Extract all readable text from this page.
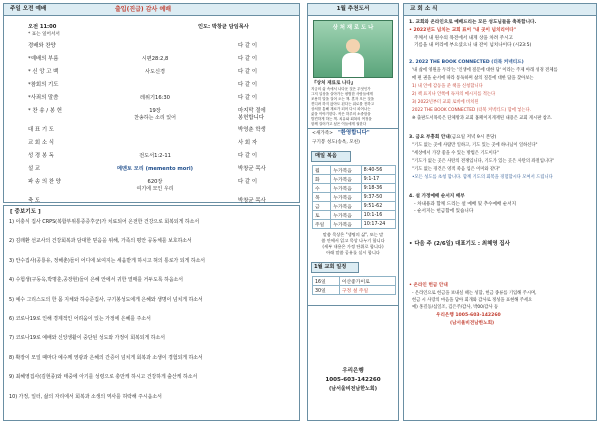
주일 오전 예배	출입(진급) 감사 예배
오전 11:00	인도: 박창균 담임목사
* 표는 일어서서
경배와 찬양	다 같 이
*예배의 부름	시편28:2,8	다 같 이
* 신 앙 고 백	사도신경	다 같 이
*참회의 기도	다 같 이
*사죄의 말씀	레위기16:30	다 같 이
* 찬 송 / 봉 헌	19장
찬송하는 소리 있어
마지막 절에
봉헌합니다
대 표 기 도	박영춘 학생
교 회 소 식	사 회 자
성 경 봉 독	전도서1:2-11	다 같 이
설 교	메멘토 모리 (memento mori)	박창균 목사
파 송 의 찬 양	620장
여기에 모인 우리
다 같 이
축 도	박창균 목사
[ 중보기도 ]
1) 이충식 집사 CRPS(복합부위통증증후군)가 치료되어 온전한 건강으로 회복되게 하소서
2) 김래환 선교사의 건강회복과 담대한 믿음을 위해, 가족의 평안 공동체를 보호하소서
3) 안수집사(공룡유, 정해춘)들이 어디에 보여지는 세움받게 하시고 혀의 통로가 되게 하소서
4) 수험생(구동옥,박명훈,공장현)들이 은혜 안에서 귀한 열매를 거두도록 하옵소서
5) 예수 그리스도의 한 몸 지체와 하승준집사, 구기봉성도에게 은혜와 생명이 넘치게 하소서
6) 코로나19로 인해 경제적인 어려움이 있는 가정에 은혜를 주소서
7) 코로나19로 예배와 신앙생활이 중단된 성도와 가정이 회복되게 하소서
8) 확장이 모일 때마다 예수께 영광과 은혜의 간증이 넘치게 회복과 소생이 경험되게 하소서
9) 최혜영집사(김현종)와 태중에 아기를 성령으로 충만케 하시고 건강하게 출산케 하소서
10) 가정, 일터, 삶의 자리에서 회복과 소생의 역사를 허락해 주시옵소서
1월 추천도서
상 처 재 로 도 나
『상처 재료로 나다』
지금의 삶 속에서 나다운 것은 무엇인가
그저 일상을 살아가는 평범한 사람들에게
조용히 말을 걸어 오는 책. 혼자 모든 것을
견디려 하지 않아도 된다는 위로를 전하고
상처를 통해 재료가 되어 다시 피어나는
삶을 이야기한다. 작은 하루의 소중함을
발견하게 하는 책. 치유와 회복의 여정을
함께 걸어가고 싶은 이들에게 권한다
<새가족> "환영합니다"
구기봉 성도(송옥, 모친)
매일 복음
월	누가복음	8:40-56
화	누가복음	9:1-17
수	누가복음	9:18-36
목	누가복음	9:37-50
금	누가복음	9:51-62
토	누가복음	10:1-16
주일	누가복음	10:17-24
말씀 묵상은 "생명의 삶", 또는 말
씀 안에서 읽고 묵상 나누기 합니다
(세부 내용은 가정 단위로 합니다)
아래 말씀 공유를 실시 합니다
1월 교회 일정
16일	이산좋가이로
30일	구정 설 주일
우리은행
1005-603-142260
(남서울비전남한노회)
교 회 소 식
1. 교회와 온라인으로 예배드리는 모든 성도님들을 축복합니다.
• 2022년도 넘치는 교회 표어 "내 곳이 넘치리이다"
주께서 내 원수의 목전에서 내게 상을 차려 주시고
기름을 내 머리에 부으셨으니 내 잔이 넘치나이다 (시23:5)
2. 2022 THE BOOK CONNECTED (더북 커넥티드)
'내 삶에 영원을 두라'는 '인생에 질문에 대한 답' 이라는 주제 아래 성경 전체를
매 편 권을 순서에 따라 통독하며 삶의 질문에 대한 답을 찾아보는
1) 내 안에 감동을 준 책을 신청합니다
2) 책 표지나 안쪽에 독자의 메시지를 적는다
3) 2022년부터 교회 로비에 비치된
2022 THE BOOK CONNECTED (더북 커넥티드) 함에 넣는다.
※ 출판도서목록은 단체방과 교회 홈페이지게재된 내용은 교회 게시판 참조.
3. 금요 부흥회 안내 (금요일 저녁 9시 본당)
"기도 없는 곳에 사람만 일하고, 기도 있는 곳에 하나님이 일하신다"
"세상에서 가장 좋을 수 있는 방법은 기도이다"
"기도가 없는 곳은 사탄의 전쟁입니다, 기도가 있는 곳은 사탄의 좌절입니다"
"기도 없는 경건은 영적 죽음 입은 이미와 같다"
•모든 성도를 초청 합니다. 함께 기도의 회복을 경험합시다 모여서 드립니다
4. 설 가정예배 순서지 배부
- 차내용과 함께 드리는 설 예배 및 추수예배 순서지
- 순서지는 헌금함에 있습니다
• 다음 주 (2/6일) 대표기도 : 최혜영 집사
• 온라인 헌금 안내
- 온라인으로 헌금을 보내실 때는 성함, 헌금 종류를 기입해 주시며,
헌금 시 사랑의 마음을 담아 회개와 감사로 정성을 표현해 주세요
예) 홍길동/십일조, 김은주/감사, 박00/감사 등
우리은행 1005-603-142260
(남서울비전남한노회)
